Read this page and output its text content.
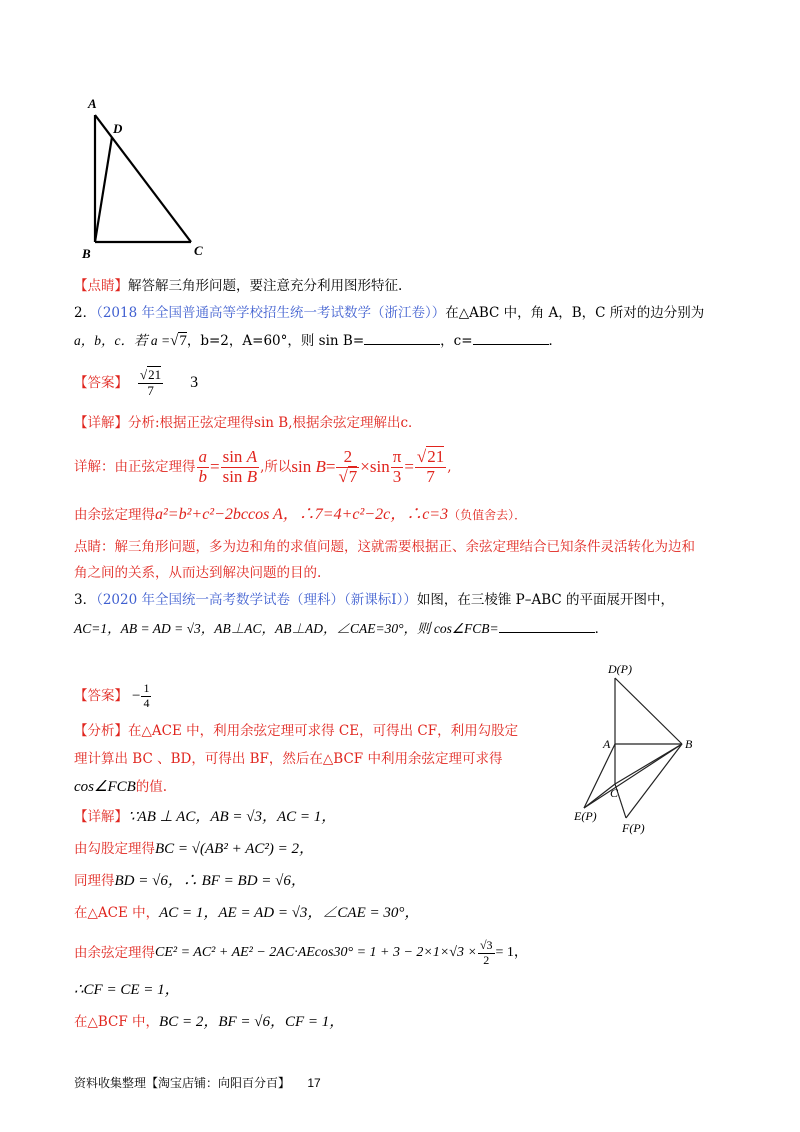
A
D
B	C
【点睛】解答解三角形问题，要注意充分利用图形特征.
2．（2018 年全国普通高等学校招生统一考试数学（浙江卷））在△ABC 中，角 A，B，C 所对的边分别为
a，b，c．若 a =√7，b=2，A=60°，则 sin B=	，c=	．
【答案】 $\frac{√21}{7} 3$
【详解】分析:根据正弦定理得sin B,根据余弦定理解出c．
详解：由正弦定理得 $\frac{a}{b} = \frac{\text{sin A}}{\text{sin B}}$ ,所以 $\sin B= \frac{2}{√7} \times\sin \frac{\pi}{3} = \frac{√21}{7}$ ,
由余弦定理得a²=b²+c²−2bccos A，∴7=4+c²−2c，∴c=3（负值舍去）．
点睛：解三角形问题，多为边和角的求值问题，这就需要根据正、余弦定理结合已知条件灵活转化为边和
角之间的关系，从而达到解决问题的目的.
3．（2020 年全国统一高考数学试卷（理科）（新课标Ⅰ））如图，在三棱锥 P–ABC 的平面展开图中，
AC=1，AB = AD = √3，AB⊥AC，AB⊥AD，∠CAE=30°，则 cos∠FCB=	．
【答案】 − $\frac{1}{4}$
【分析】在△ACE 中，利用余弦定理可求得 CE，可得出 CF，利用勾股定
理计算出 BC 、BD，可得出 BF，然后在△BCF 中利用余弦定理可求得
cos∠FCB的值.
【详解】∵AB ⊥ AC，AB = √3，AC = 1，
由勾股定理得BC = √(AB² + AC²) = 2，
同理得BD = √6，∴ BF = BD = √6，
在△ACE 中，AC = 1，AE = AD = √3，∠CAE = 30°，
由余弦定理得 $CE^2 = AC^2 + AE^2 - 2AC\cdot AEcos30^\circ = 1 + 3 - 2\times 1\times√3 \times \frac{√3}{2} = 1$，
∴CF = CE = 1，
在△BCF 中，BC = 2，BF = √6，CF = 1，
D(P)
A	B
C
E(P)
F(P)
资料收集整理【淘宝店铺：向阳百分百】 17
